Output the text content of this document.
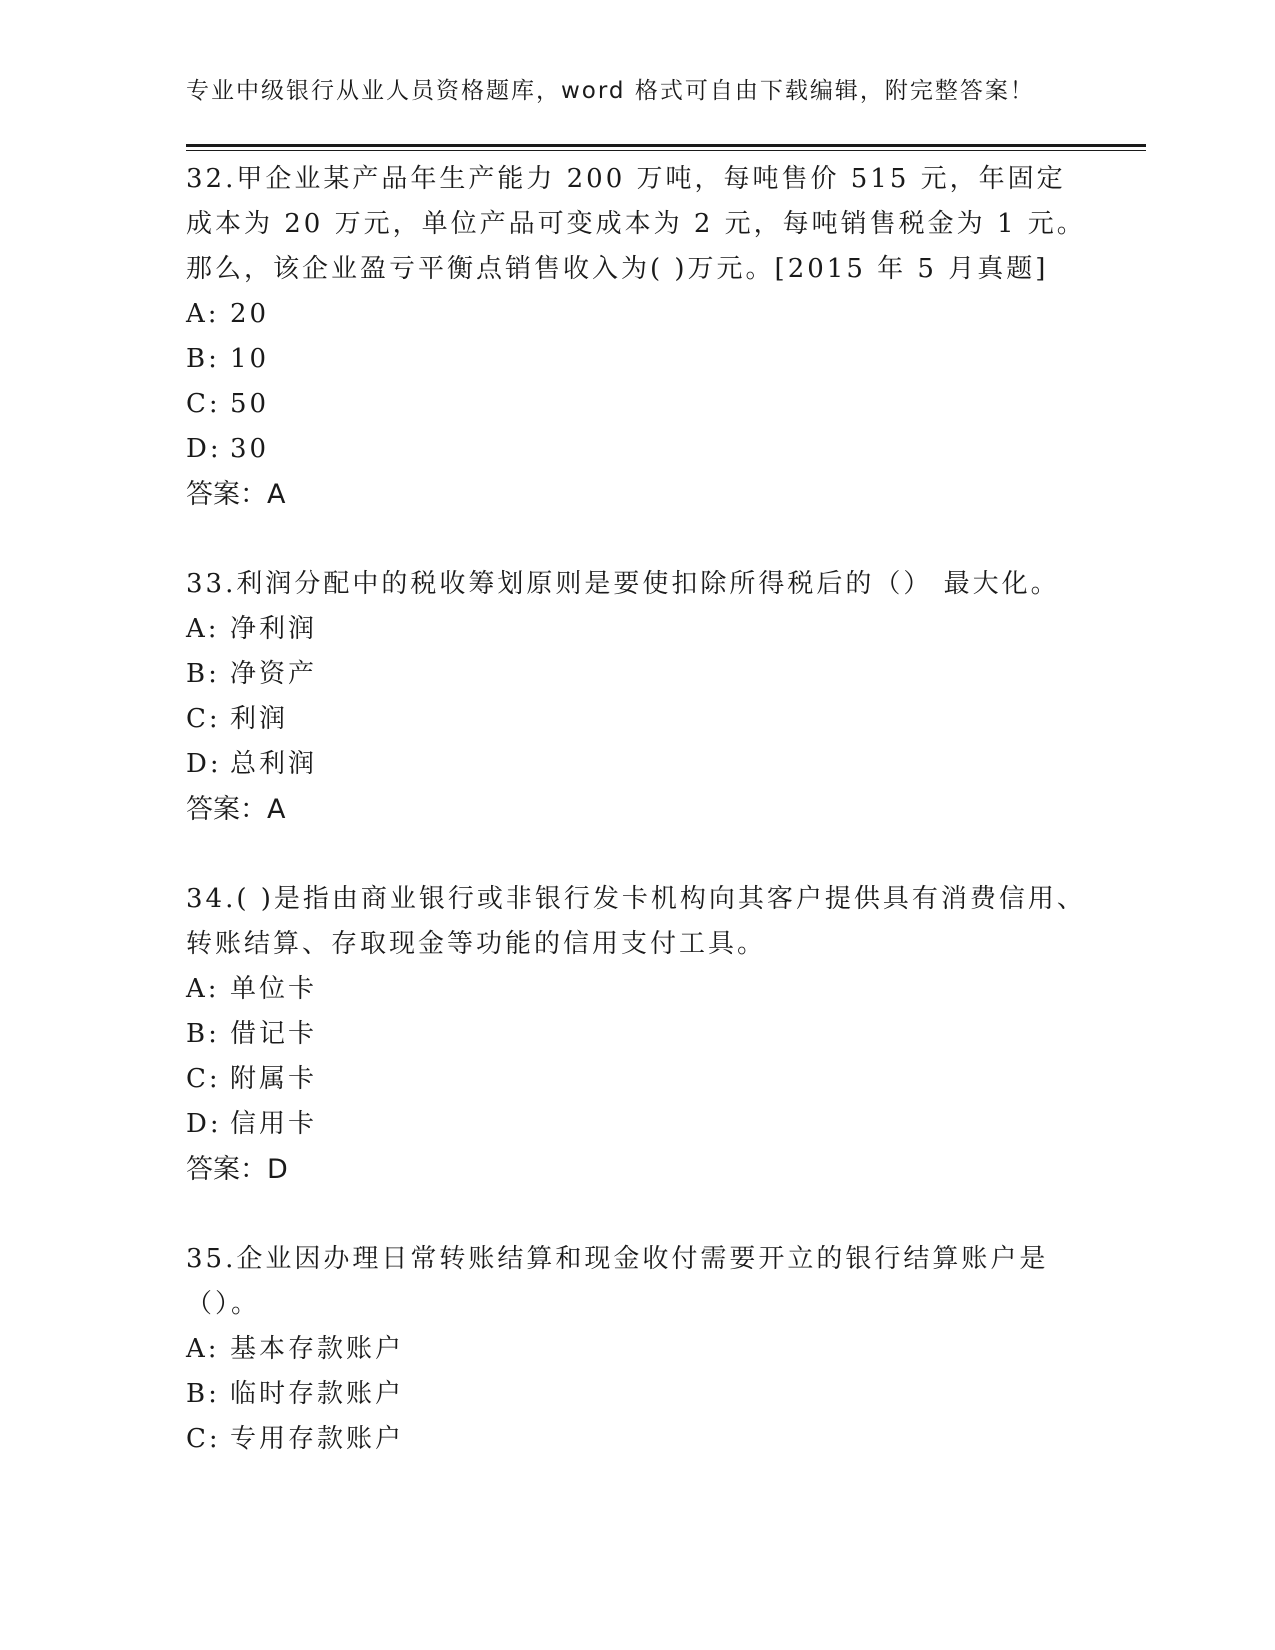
专业中级银行从业人员资格题库，word 格式可自由下载编辑，附完整答案！

32.甲企业某产品年生产能力 200 万吨，每吨售价 515 元，年固定成本为 20 万元，单位产品可变成本为 2 元，每吨销售税金为 1 元。那么，该企业盈亏平衡点销售收入为( )万元。[2015 年 5 月真题]

A: 20
B: 10
C: 50
D: 30
答案：A

33.利润分配中的税收筹划原则是要使扣除所得税后的（） 最大化。

A: 净利润
B: 净资产
C: 利润
D: 总利润
答案：A

34.( )是指由商业银行或非银行发卡机构向其客户提供具有消费信用、转账结算、存取现金等功能的信用支付工具。

A: 单位卡
B: 借记卡
C: 附属卡
D: 信用卡
答案：D

35.企业因办理日常转账结算和现金收付需要开立的银行结算账户是（）。

A: 基本存款账户
B: 临时存款账户
C: 专用存款账户
